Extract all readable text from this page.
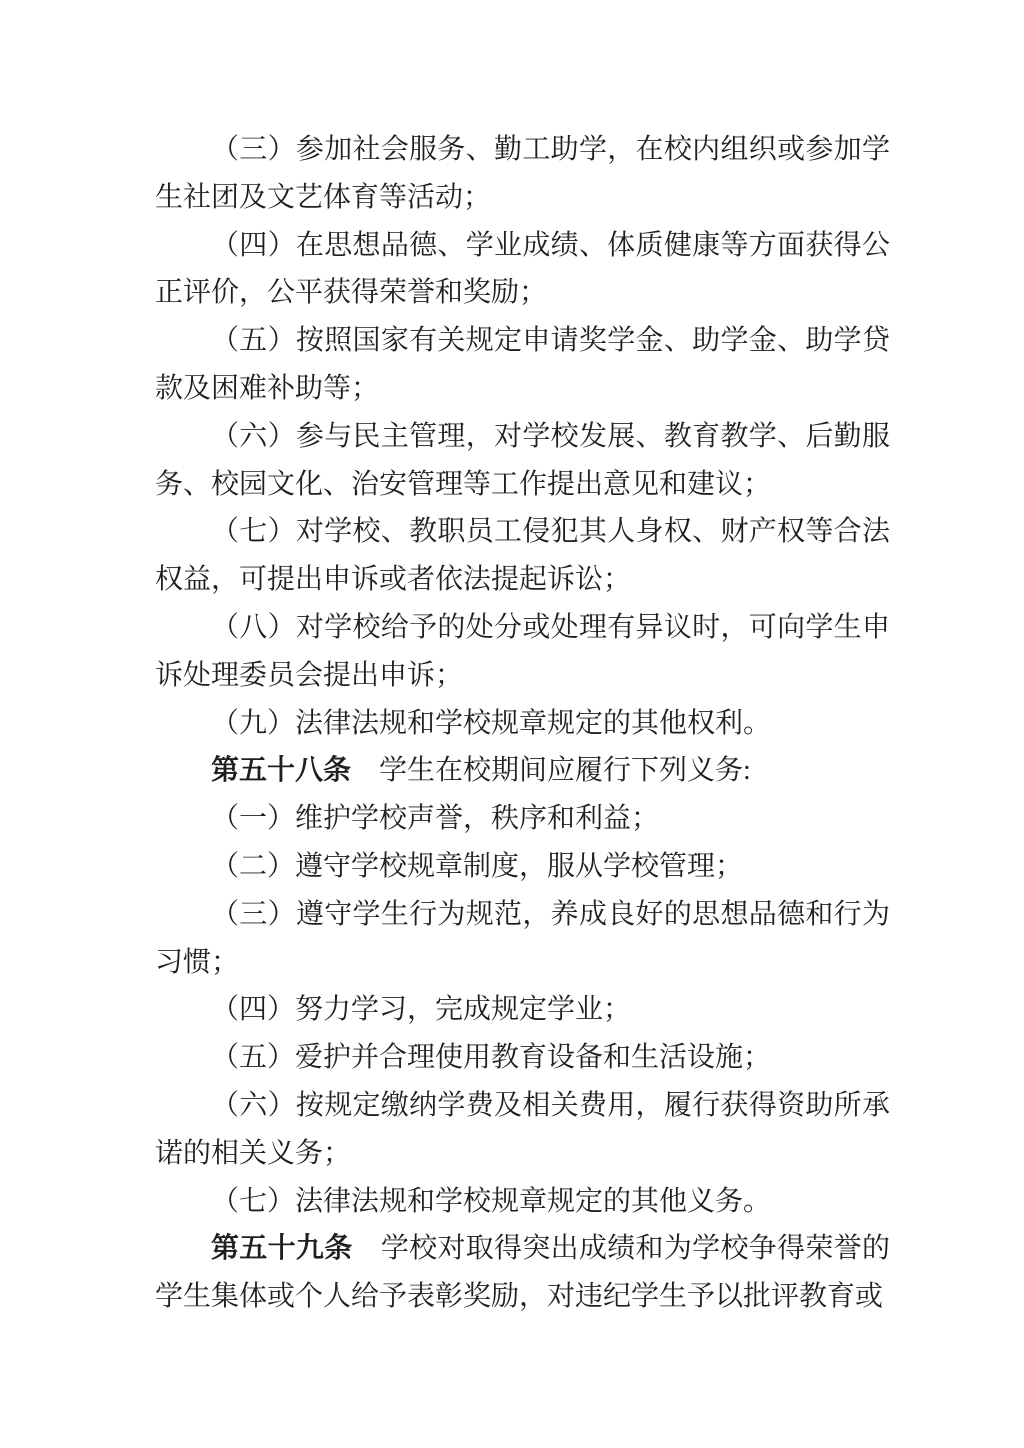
（三）参加社会服务、勤工助学，在校内组织或参加学生社团及文艺体育等活动；

（四）在思想品德、学业成绩、体质健康等方面获得公正评价，公平获得荣誉和奖励；

（五）按照国家有关规定申请奖学金、助学金、助学贷款及困难补助等；

（六）参与民主管理，对学校发展、教育教学、后勤服务、校园文化、治安管理等工作提出意见和建议；

（七）对学校、教职员工侵犯其人身权、财产权等合法权益，可提出申诉或者依法提起诉讼；

（八）对学校给予的处分或处理有异议时，可向学生申诉处理委员会提出申诉；

（九）法律法规和学校规章规定的其他权利。

第五十八条　学生在校期间应履行下列义务:

（一）维护学校声誉，秩序和利益；

（二）遵守学校规章制度，服从学校管理；

（三）遵守学生行为规范，养成良好的思想品德和行为习惯；

（四）努力学习，完成规定学业；

（五）爱护并合理使用教育设备和生活设施；

（六）按规定缴纳学费及相关费用，履行获得资助所承诺的相关义务；

（七）法律法规和学校规章规定的其他义务。

第五十九条　学校对取得突出成绩和为学校争得荣誉的学生集体或个人给予表彰奖励，对违纪学生予以批评教育或
